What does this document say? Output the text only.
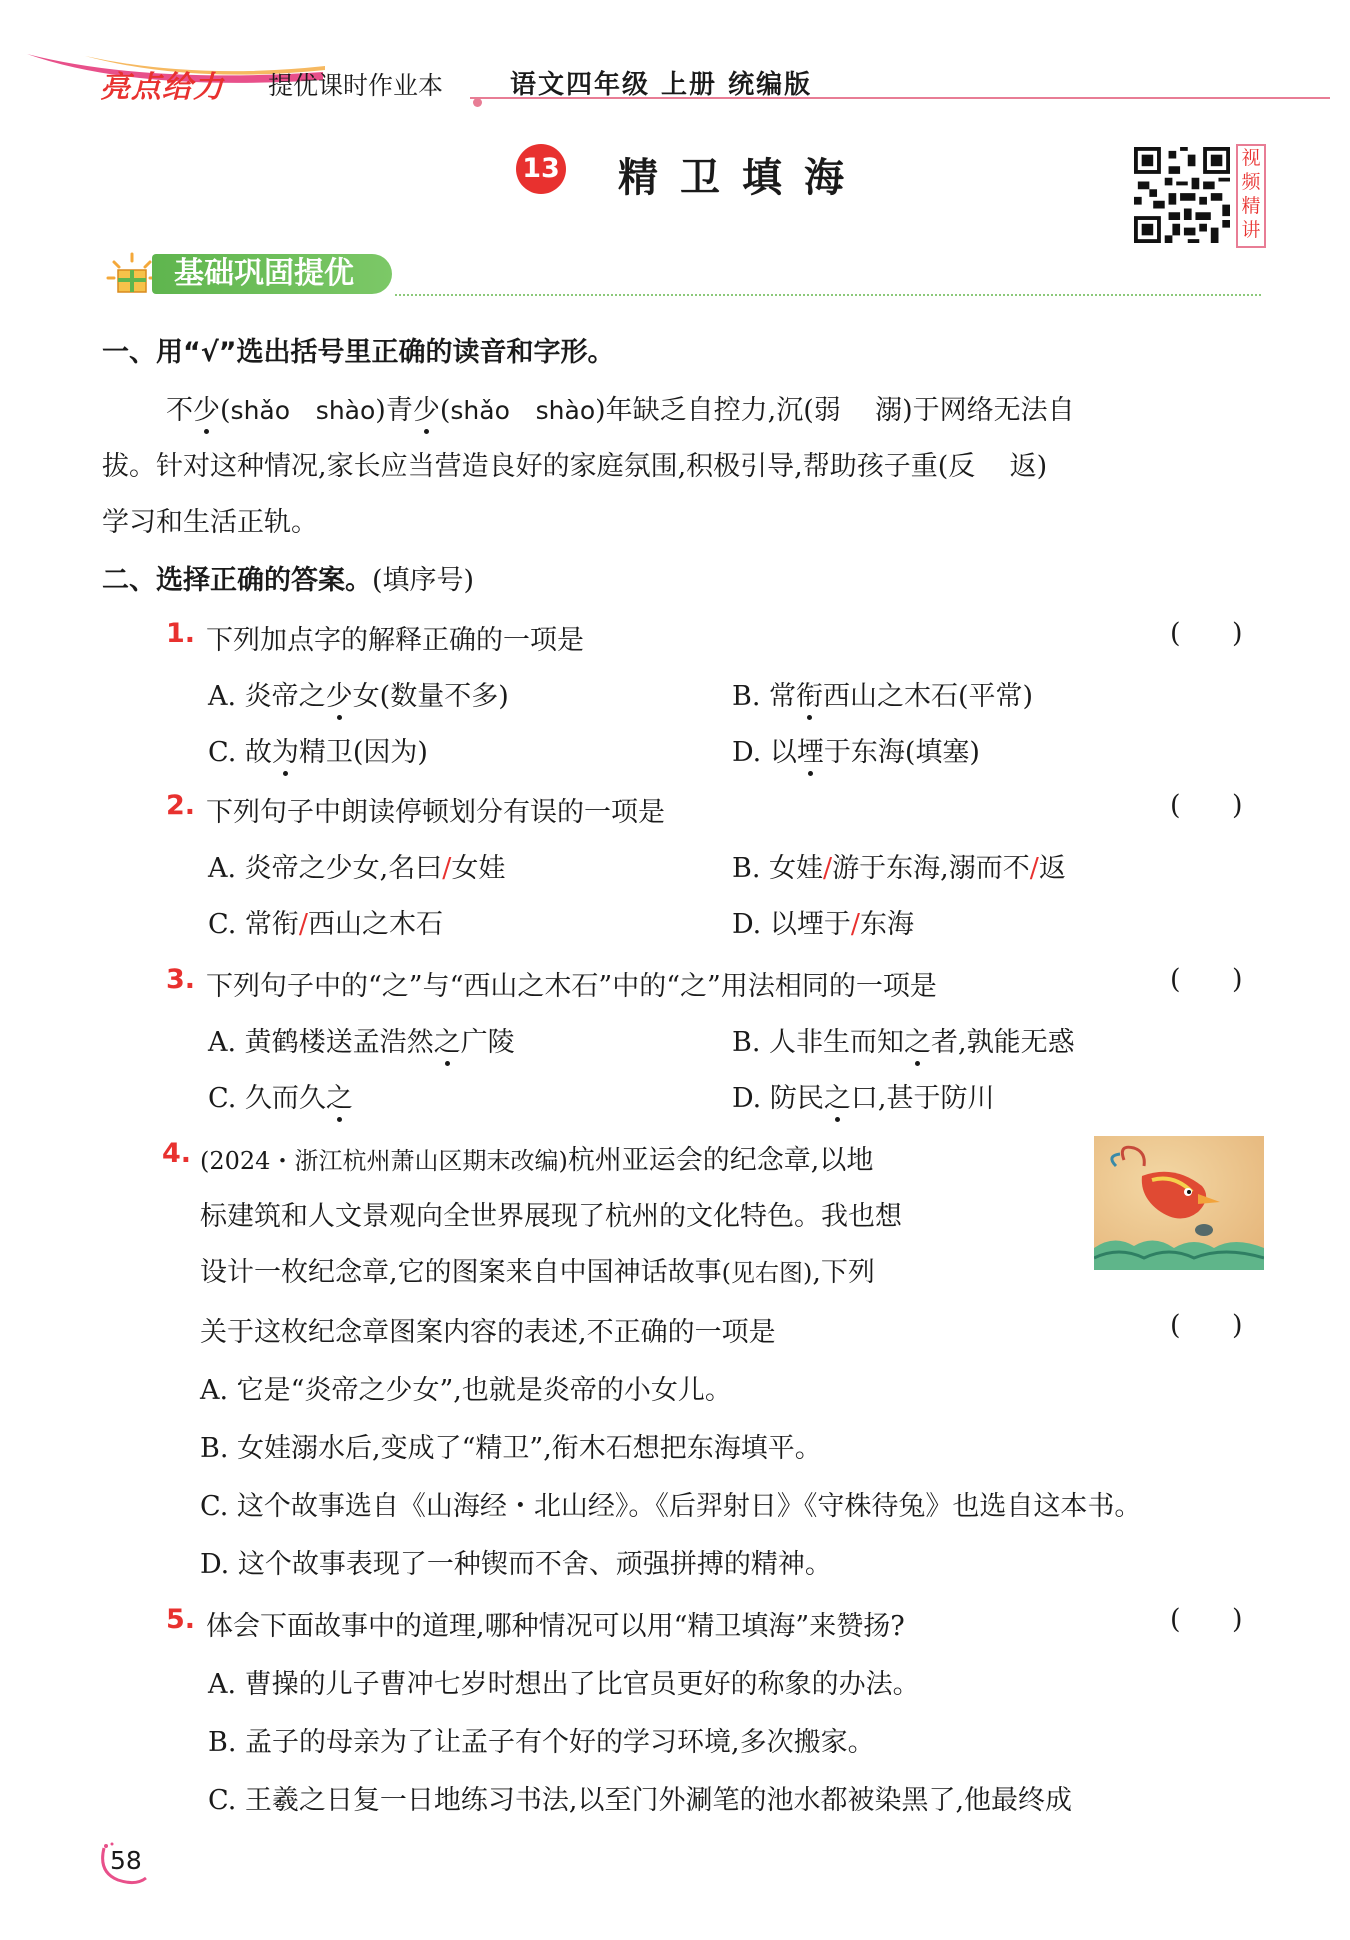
亮点给力 提优课时作业本	语文四年级 上册 统编版
13 精卫填海	视频精讲
基础巩固提优
一、用“√”选出括号里正确的读音和字形。
不少(shǎo shào)青少(shǎo shào)年缺乏自控力,沉(弱    溺)于网络无法自
拔。针对这种情况,家长应当营造良好的家庭氛围,积极引导,帮助孩子重(反    返)
学习和生活正轨。
二、选择正确的答案。(填序号)
1. 下列加点字的解释正确的一项是	(      )
A. 炎帝之少女(数量不多)	B. 常衔西山之木石(平常)
C. 故为精卫(因为)	D. 以堙于东海(填塞)
2. 下列句子中朗读停顿划分有误的一项是	(      )
A. 炎帝之少女,名曰/女娃	B. 女娃/游于东海,溺而不/返
C. 常衔/西山之木石	D. 以堙于/东海
3. 下列句子中的“之”与“西山之木石”中的“之”用法相同的一项是	(      )
A. 黄鹤楼送孟浩然之广陵	B. 人非生而知之者,孰能无惑
C. 久而久之	D. 防民之口,甚于防川
4. (2024・浙江杭州萧山区期末改编)杭州亚运会的纪念章,以地
标建筑和人文景观向全世界展现了杭州的文化特色。我也想
设计一枚纪念章,它的图案来自中国神话故事(见右图),下列
关于这枚纪念章图案内容的表述,不正确的一项是	(      )
A. 它是“炎帝之少女”,也就是炎帝的小女儿。
B. 女娃溺水后,变成了“精卫”,衔木石想把东海填平。
C. 这个故事选自《山海经・北山经》。《后羿射日》《守株待兔》也选自这本书。
D. 这个故事表现了一种锲而不舍、顽强拼搏的精神。
5. 体会下面故事中的道理,哪种情况可以用“精卫填海”来赞扬?	(      )
A. 曹操的儿子曹冲七岁时想出了比官员更好的称象的办法。
B. 孟子的母亲为了让孟子有个好的学习环境,多次搬家。
C. 王羲之日复一日地练习书法,以至门外涮笔的池水都被染黑了,他最终成
58
